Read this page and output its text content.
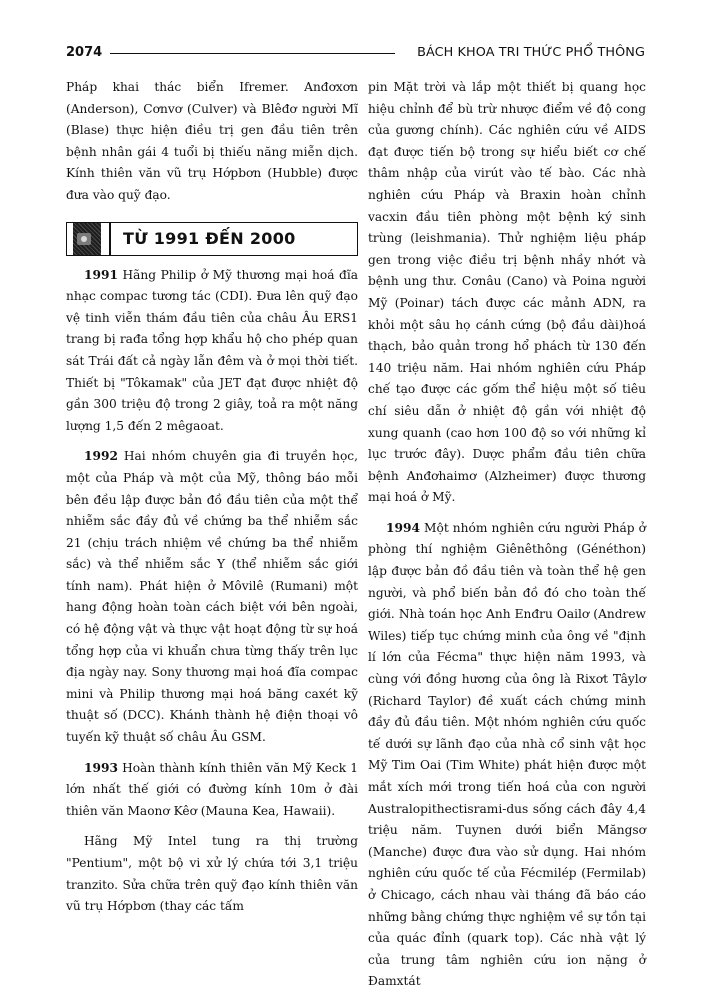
2074	BÁCH KHOA TRI THỨC PHỔ THÔNG

Pháp khai thác biển Ifremer. Anđơxơn (Anderson), Cơnvơ (Culver) và Blêđơ người Mĩ (Blase) thực hiện điều trị gen đầu tiên trên bệnh nhân gái 4 tuổi bị thiếu năng miễn dịch. Kính thiên văn vũ trụ Hớpbơn (Hubble) được đưa vào quỹ đạo.

TỪ 1991 ĐẾN 2000

1991 Hãng Philip ở Mỹ thương mại hoá đĩa nhạc compac tương tác (CDI). Đưa lên quỹ đạo vệ tinh viễn thám đầu tiên của châu Âu ERS1 trang bị rađa tổng hợp khẩu hộ cho phép quan sát Trái đất cả ngày lẫn đêm và ở mọi thời tiết. Thiết bị "Tôkamak" của JET đạt được nhiệt độ gần 300 triệu độ trong 2 giây, toả ra một năng lượng 1,5 đến 2 mêgaoat.

1992 Hai nhóm chuyên gia đi truyền học, một của Pháp và một của Mỹ, thông báo mỗi bên đều lập được bản đồ đầu tiên của một thể nhiễm sắc đầy đủ về chứng ba thể nhiễm sắc 21 (chịu trách nhiệm về chứng ba thể nhiễm sắc) và thể nhiễm sắc Y (thể nhiễm sắc giới tính nam). Phát hiện ở Môvilê (Rumani) một hang động hoàn toàn cách biệt với bên ngoài, có hệ động vật và thực vật hoạt động từ sự hoá tổng hợp của vi khuẩn chưa từng thấy trên lục địa ngày nay. Sony thương mại hoá đĩa compac mini và Philip thương mại hoá băng caxét kỹ thuật số (DCC). Khánh thành hệ điện thoại vô tuyến kỹ thuật số châu Âu GSM.

1993 Hoàn thành kính thiên văn Mỹ Keck 1 lớn nhất thế giới có đường kính 10m ở đài thiên văn Maonơ Kêơ (Mauna Kea, Hawaii).

Hãng Mỹ Intel tung ra thị trường "Pentium", một bộ vi xử lý chứa tới 3,1 triệu tranzito. Sửa chữa trên quỹ đạo kính thiên văn vũ trụ Hớpbơn (thay các tấm

pin Mặt trời và lắp một thiết bị quang học hiệu chỉnh để bù trừ nhược điểm về độ cong của gương chính). Các nghiên cứu về AIDS đạt được tiến bộ trong sự hiểu biết cơ chế thâm nhập của virút vào tế bào. Các nhà nghiên cứu Pháp và Braxin hoàn chỉnh vacxin đầu tiên phòng một bệnh ký sinh trùng (leishmania). Thử nghiệm liệu pháp gen trong việc điều trị bệnh nhầy nhớt và bệnh ung thư. Cơnâu (Cano) và Poina người Mỹ (Poinar) tách được các mảnh ADN, ra khỏi một sâu họ cánh cứng (bộ đầu dài)hoá thạch, bảo quản trong hổ phách từ 130 đến 140 triệu năm. Hai nhóm nghiên cứu Pháp chế tạo được các gốm thể hiệu một số tiêu chí siêu dẫn ở nhiệt độ gần với nhiệt độ xung quanh (cao hơn 100 độ so với những kỉ lục trước đây). Dược phẩm đầu tiên chữa bệnh Anđơhaimơ (Alzheimer) được thương mại hoá ở Mỹ.

1994 Một nhóm nghiên cứu người Pháp ở phòng thí nghiệm Giênêthông (Généthon) lập được bản đồ đầu tiên và toàn thể hệ gen người, và phổ biến bản đồ đó cho toàn thế giới. Nhà toán học Anh Enđru Oailơ (Andrew Wiles) tiếp tục chứng minh của ông về "định lí lớn của Fécma" thực hiện năm 1993, và cùng với đồng hương của ông là Rixơt Tâylơ (Richard Taylor) đề xuất cách chứng minh đầy đủ đầu tiên. Một nhóm nghiên cứu quốc tế dưới sự lãnh đạo của nhà cổ sinh vật học Mỹ Tim Oai (Tim White) phát hiện được một mắt xích mới trong tiến hoá của con người Australopithectisrami-dus sống cách đây 4,4 triệu năm. Tuynen dưới biển Măngsơ (Manche) được đưa vào sử dụng. Hai nhóm nghiên cứu quốc tế của Fécmilép (Fermilab) ở Chicago, cách nhau vài tháng đã báo cáo những bằng chứng thực nghiệm về sự tồn tại của quác đỉnh (quark top). Các nhà vật lý của trung tâm nghiên cứu ion nặng ở Đamxtát
